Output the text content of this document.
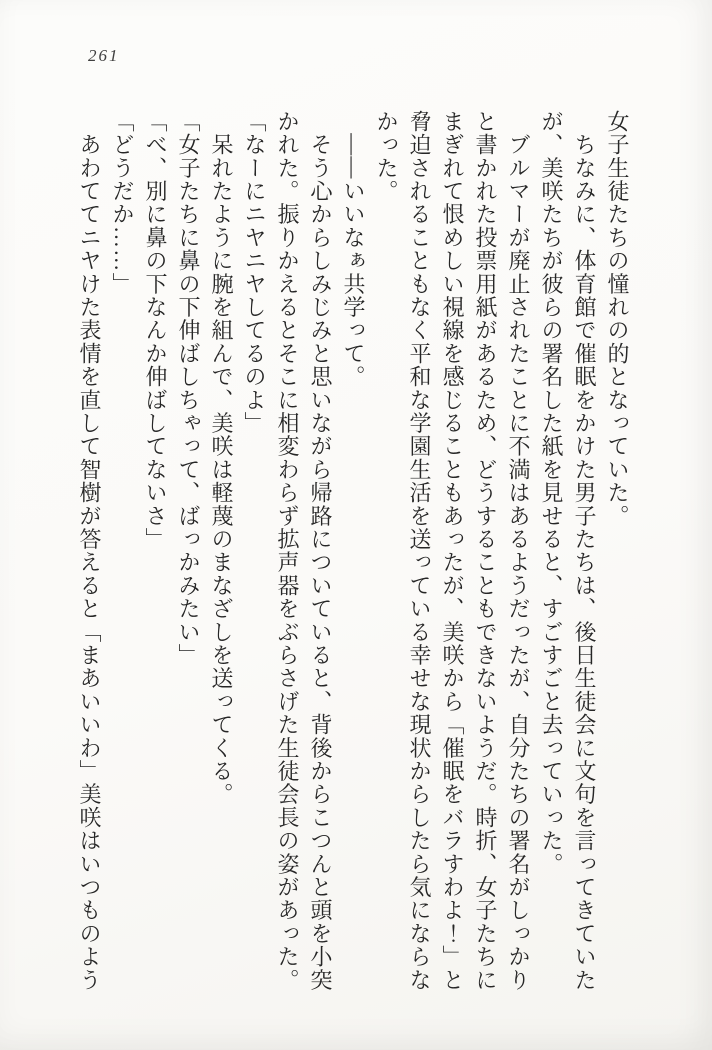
261
女子生徒たちの憧れの的となっていた。
　ちなみに、体育館で催眠をかけた男子たちは、後日生徒会に文句を言ってきていた
が、美咲たちが彼らの署名した紙を見せると、すごすごと去っていった。
　ブルマーが廃止されたことに不満はあるようだったが、自分たちの署名がしっかり
と書かれた投票用紙があるため、どうすることもできないようだ。時折、女子たちに
まぎれて恨めしい視線を感じることもあったが、美咲から「催眠をバラすわよ！」と
脅迫されることもなく平和な学園生活を送っている幸せな現状からしたら気にならな
かった。
　——いいなぁ共学って。
　そう心からしみじみと思いながら帰路についていると、背後からこつんと頭を小突
かれた。振りかえるとそこに相変わらず拡声器をぶらさげた生徒会長の姿があった。
「なーにニヤニヤしてるのよ」
　呆れたように腕を組んで、美咲は軽蔑のまなざしを送ってくる。
「女子たちに鼻の下伸ばしちゃって、ばっかみたい」
「べ、別に鼻の下なんか伸ばしてないさ」
「どうだか……」
　あわててニヤけた表情を直して智樹が答えると「まあいいわ」美咲はいつものよう
